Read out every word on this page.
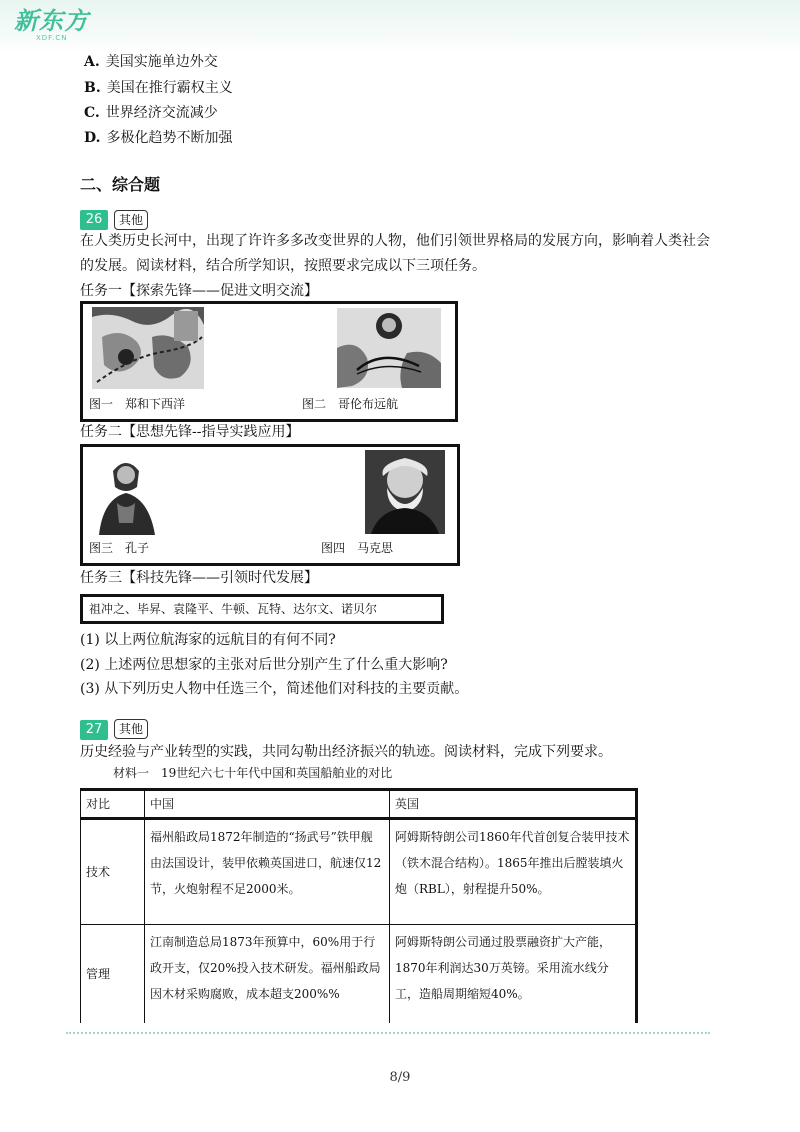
新东方
XDF.CN
A. 美国实施单边外交
B. 美国在推行霸权主义
C. 世界经济交流减少
D. 多极化趋势不断加强
二、综合题
26	其他
在人类历史长河中，出现了许许多多改变世界的人物，他们引领世界格局的发展方向，影响着人类社会的发展。阅读材料，结合所学知识，按照要求完成以下三项任务。
任务一【探索先锋——促进文明交流】
图一　郑和下西洋	图二　哥伦布远航
任务二【思想先锋--指导实践应用】
图三　孔子	图四　马克思
任务三【科技先锋——引领时代发展】
祖冲之、毕昇、袁隆平、牛顿、瓦特、达尔文、诺贝尔
(1) 以上两位航海家的远航目的有何不同?
(2) 上述两位思想家的主张对后世分别产生了什么重大影响?
(3) 从下列历史人物中任选三个，简述他们对科技的主要贡献。
27	其他
历史经验与产业转型的实践，共同勾勒出经济振兴的轨迹。阅读材料，完成下列要求。
材料一　19世纪六七十年代中国和英国船舶业的对比
对比	中国	英国
技术	福州船政局1872年制造的“扬武号”铁甲舰由法国设计，装甲依赖英国进口，航速仅12节，火炮射程不足2000米。	阿姆斯特朗公司1860年代首创复合装甲技术（铁木混合结构）。1865年推出后膛装填火炮（RBL），射程提升50%。
管理	江南制造总局1873年预算中，60%用于行政开支，仅20%投入技术研发。福州船政局因木材采购腐败，成本超支200%%	阿姆斯特朗公司通过股票融资扩大产能，1870年利润达30万英镑。采用流水线分工，造船周期缩短40%。
8/9
